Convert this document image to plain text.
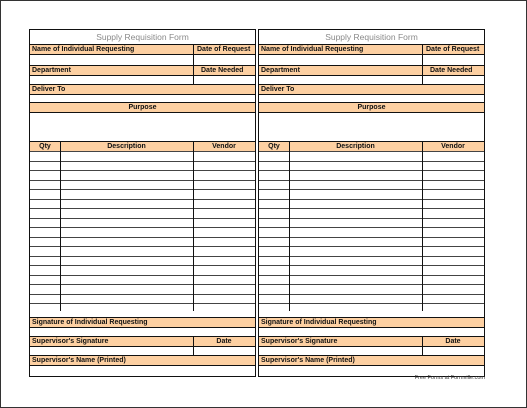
Supply Requisition Form
Name of Individual Requesting	Date of Request
Department	Date Needed
Deliver To
Purpose
Qty	Description	Vendor
Signature of Individual Requesting
Supervisor's Signature	Date
Supervisor's Name (Printed)
Supply Requisition Form
Name of Individual Requesting	Date of Request
Department	Date Needed
Deliver To
Purpose
Qty	Description	Vendor
Signature of Individual Requesting
Supervisor's Signature	Date
Supervisor's Name (Printed)
Free Forms at Formville.com
